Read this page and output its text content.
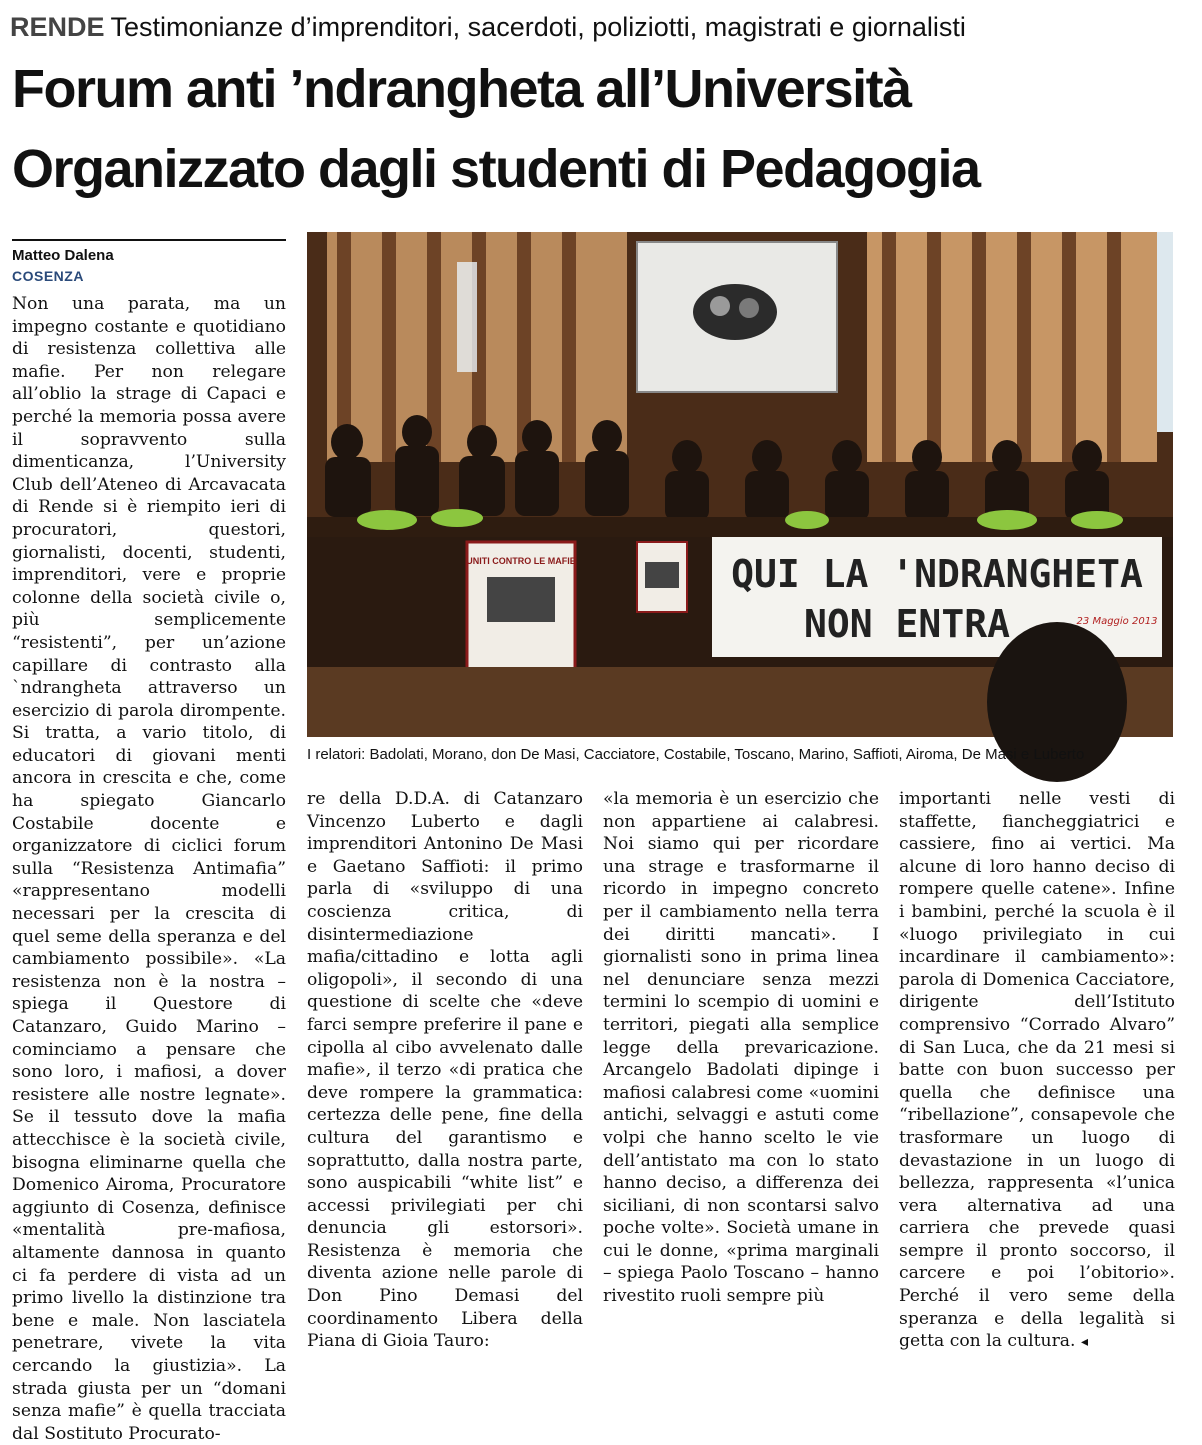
RENDE Testimonianze d’imprenditori, sacerdoti, poliziotti, magistrati e giornalisti
Forum anti ’ndrangheta all’Università
Organizzato dagli studenti di Pedagogia
Matteo Dalena
COSENZA

Non una parata, ma un impegno costante e quotidiano di resistenza collettiva alle mafie. Per non relegare all’oblio la strage di Capaci e perché la memoria possa avere il sopravvento sulla dimenticanza, l’University Club dell’Ateneo di Arcavacata di Rende si è riempito ieri di procuratori, questori, giornalisti, docenti, studenti, imprenditori, vere e proprie colonne della società civile o, più semplicemente “resistenti”, per un’azione capillare di contrasto alla `ndrangheta attraverso un esercizio di parola dirompente. Si tratta, a vario titolo, di educatori di giovani menti ancora in crescita e che, come ha spiegato Giancarlo Costabile docente e organizzatore di ciclici forum sulla “Resistenza Antimafia” «rappresentano modelli necessari per la crescita di quel seme della speranza e del cambiamento possibile». «La resistenza non è la nostra – spiega il Questore di Catanzaro, Guido Marino – cominciamo a pensare che sono loro, i mafiosi, a dover resistere alle nostre legnate». Se il tessuto dove la mafia attecchisce è la società civile, bisogna eliminarne quella che Domenico Airoma, Procuratore aggiunto di Cosenza, definisce «mentalità pre-mafiosa, altamente dannosa in quanto ci fa perdere di vista ad un primo livello la distinzione tra bene e male. Non lasciatela penetrare, vivete la vita cercando la giustizia». La strada giusta per un “domani senza mafie” è quella tracciata dal Sostituto Procurato-

UNITI CONTRO LE MAFIE	QUI LA 'NDRANGHETA
NON ENTRA	23 Maggio 2013
I relatori: Badolati, Morano, don De Masi, Cacciatore, Costabile, Toscano, Marino, Saffioti, Airoma, De Masi e Luberto

re della D.D.A. di Catanzaro Vincenzo Luberto e dagli imprenditori Antonino De Masi e Gaetano Saffioti: il primo parla di «sviluppo di una coscienza critica, di disintermediazione mafia/cittadino e lotta agli oligopoli», il secondo di una questione di scelte che «deve farci sempre preferire il pane e cipolla al cibo avvelenato dalle mafie», il terzo «di pratica che deve rompere la grammatica: certezza delle pene, fine della cultura del garantismo e soprattutto, dalla nostra parte, sono auspicabili “white list” e accessi privilegiati per chi denuncia gli estorsori». Resistenza è memoria che diventa azione nelle parole di Don Pino Demasi del coordinamento Libera della Piana di Gioia Tauro:

«la memoria è un esercizio che non appartiene ai calabresi. Noi siamo qui per ricordare una strage e trasformarne il ricordo in impegno concreto per il cambiamento nella terra dei diritti mancati». I giornalisti sono in prima linea nel denunciare senza mezzi termini lo scempio di uomini e territori, piegati alla semplice legge della prevaricazione. Arcangelo Badolati dipinge i mafiosi calabresi come «uomini antichi, selvaggi e astuti come volpi che hanno scelto le vie dell’antistato ma con lo stato hanno deciso, a differenza dei siciliani, di non scontarsi salvo poche volte». Società umane in cui le donne, «prima marginali – spiega Paolo Toscano – hanno rivestito ruoli sempre più

importanti nelle vesti di staffette, fiancheggiatrici e cassiere, fino ai vertici. Ma alcune di loro hanno deciso di rompere quelle catene». Infine i bambini, perché la scuola è il «luogo privilegiato in cui incardinare il cambiamento»: parola di Domenica Cacciatore, dirigente dell’Istituto comprensivo “Corrado Alvaro” di San Luca, che da 21 mesi si batte con buon successo per quella che definisce una “ribellazione”, consapevole che trasformare un luogo di devastazione in un luogo di bellezza, rappresenta «l’unica vera alternativa ad una carriera che prevede quasi sempre il pronto soccorso, il carcere e poi l’obitorio». Perché il vero seme della speranza e della legalità si getta con la cultura. ◂
